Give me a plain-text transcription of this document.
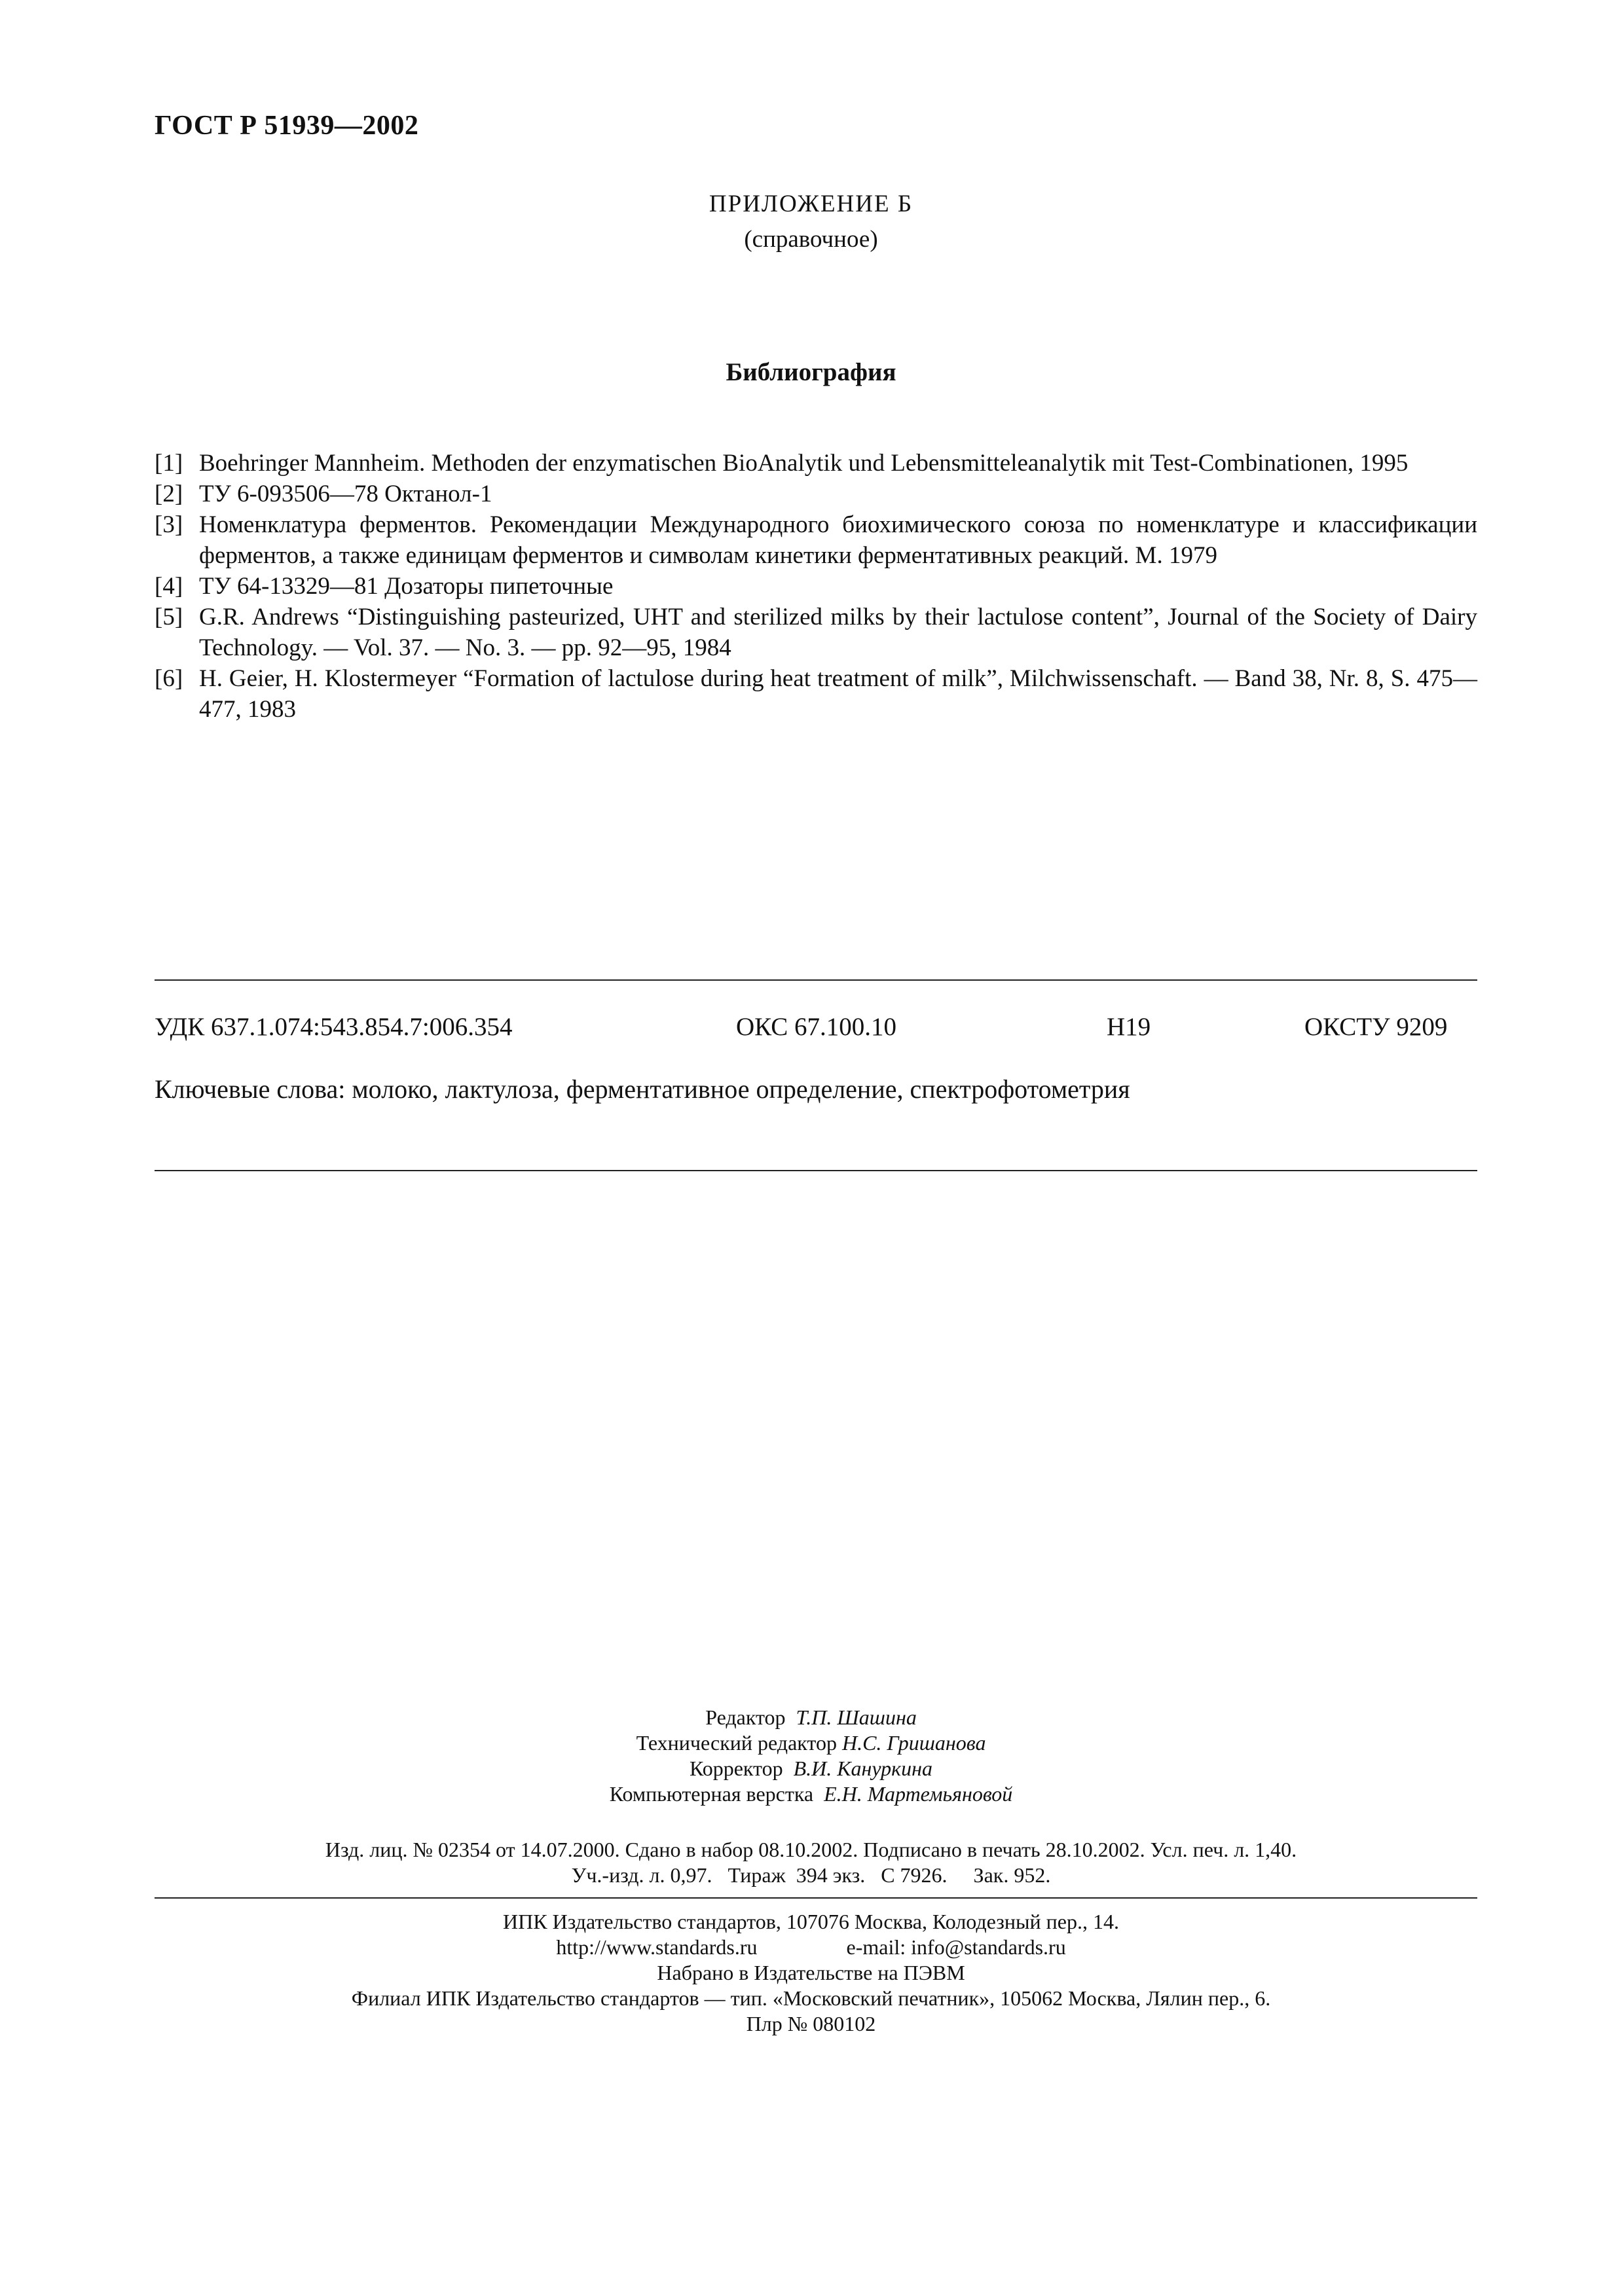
ГОСТ Р 51939—2002
ПРИЛОЖЕНИЕ Б
(справочное)
Библиография
[1] Boehringer Mannheim. Methoden der enzymatischen BioAnalytik und Lebensmitteleanalytik mit Test-Combinationen, 1995
[2] ТУ 6-093506—78 Октанол-1
[3] Номенклатура ферментов. Рекомендации Международного биохимического союза по номенклатуре и классификации ферментов, а также единицам ферментов и символам кинетики ферментативных реакций. М. 1979
[4] ТУ 64-13329—81 Дозаторы пипеточные
[5] G.R. Andrews “Distinguishing pasteurized, UHT and sterilized milks by their lactulose content”, Journal of the Society of Dairy Technology. — Vol. 37. — No. 3. — pp. 92—95, 1984
[6] H. Geier, H. Klostermeyer “Formation of lactulose during heat treatment of milk”, Milchwissenschaft. — Band 38, Nr. 8, S. 475—477, 1983
УДК 637.1.074:543.854.7:006.354	ОКС 67.100.10	Н19	ОКСТУ 9209
Ключевые слова: молоко, лактулоза, ферментативное определение, спектрофотометрия
Редактор Т.П. Шашина
Технический редактор Н.С. Гришанова
Корректор В.И. Кануркина
Компьютерная верстка Е.Н. Мартемьяновой
Изд. лиц. № 02354 от 14.07.2000. Сдано в набор 08.10.2002. Подписано в печать 28.10.2002. Усл. печ. л. 1,40.
Уч.-изд. л. 0,97.   Тираж  394 экз.   С 7926.     Зак. 952.
ИПК Издательство стандартов, 107076 Москва, Колодезный пер., 14.
http://www.standards.ru	e-mail: info@standards.ru
Набрано в Издательстве на ПЭВМ
Филиал ИПК Издательство стандартов — тип. «Московский печатник», 105062 Москва, Лялин пер., 6.
Плр № 080102
